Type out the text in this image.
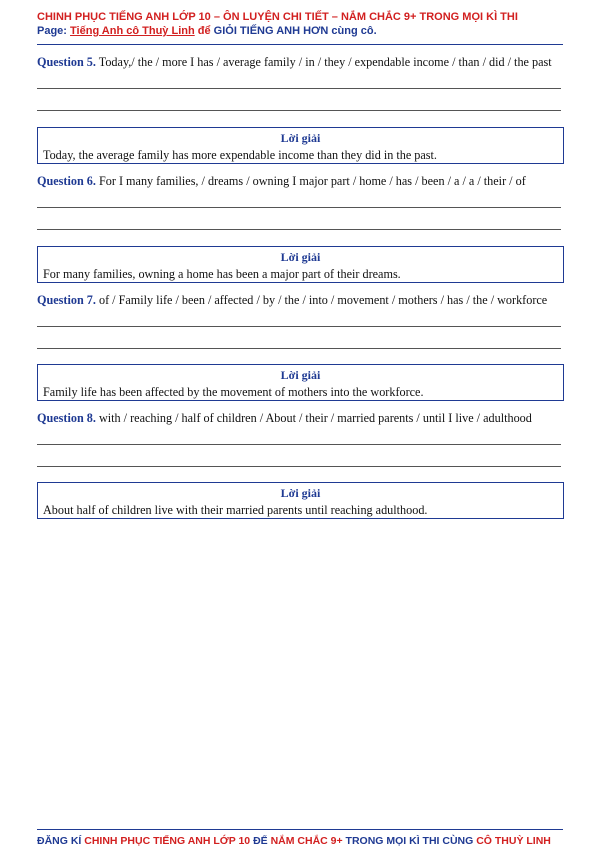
CHINH PHỤC TIẾNG ANH LỚP 10 – ÔN LUYỆN CHI TIẾT – NẮM CHẮC 9+ TRONG MỌI KÌ THI
Page: Tiếng Anh cô Thuỳ Linh để GIỎI TIẾNG ANH HƠN cùng cô.
Question 5. Today,/ the / more I has / average family / in / they / expendable income / than / did / the past
Lời giải
Today, the average family has more expendable income than they did in the past.
Question 6. For I many families, / dreams / owning I major part / home / has / been / a / a / their / of
Lời giải
For many families, owning a home has been a major part of their dreams.
Question 7. of / Family life / been / affected / by / the / into / movement / mothers / has / the / workforce
Lời giải
Family life has been affected by the movement of mothers into the workforce.
Question 8. with / reaching / half of children / About / their / married parents / until I live / adulthood
Lời giải
About half of children live with their married parents until reaching adulthood.
ĐĂNG KÍ CHINH PHỤC TIẾNG ANH LỚP 10 ĐỂ NẮM CHẮC 9+ TRONG MỌI KÌ THI CÙNG CÔ THUỲ LINH
